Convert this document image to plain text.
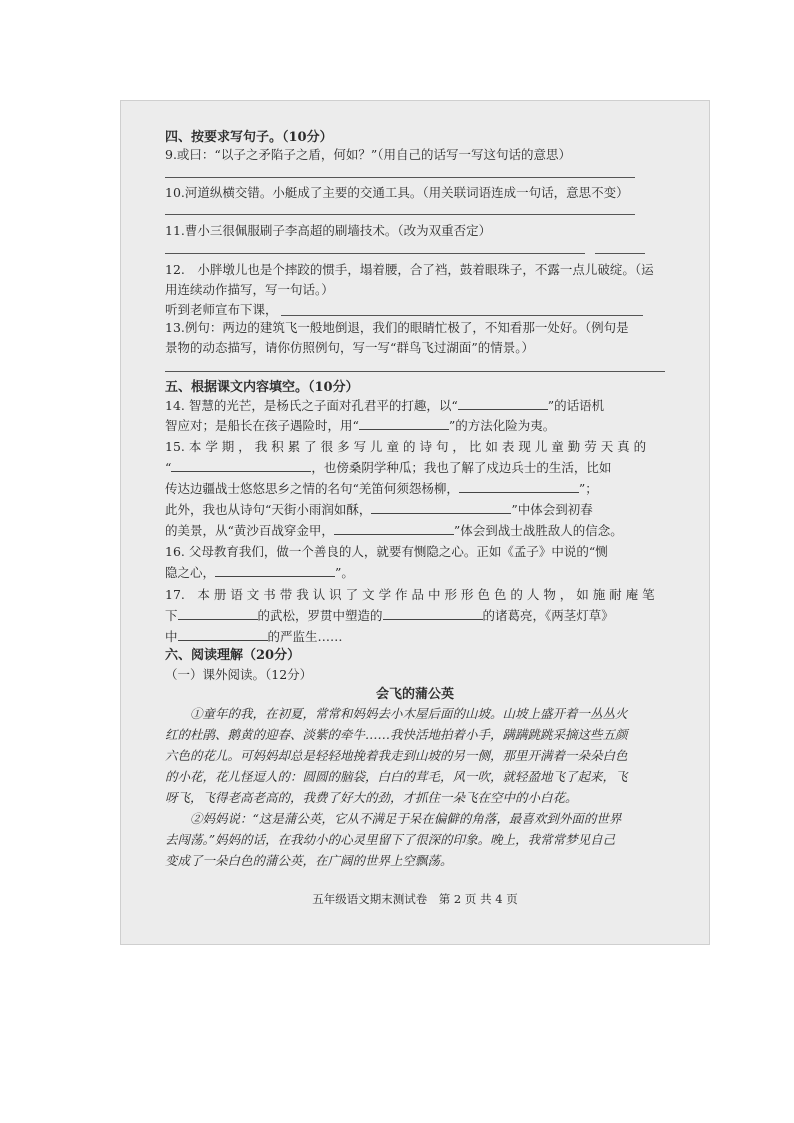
四、按要求写句子。（10分）
9.或曰：“以子之矛陷子之盾，何如？”（用自己的话写一写这句话的意思）
10.河道纵横交错。小艇成了主要的交通工具。（用关联词语连成一句话，意思不变）
11.曹小三很佩服刷子李高超的刷墙技术。（改为双重否定）
12.　小胖墩儿也是个摔跤的惯手，塌着腰，合了裆，鼓着眼珠子，不露一点儿破绽。（运
用连续动作描写，写一句话。）
听到老师宣布下课，
13.例句：两边的建筑飞一般地倒退，我们的眼睛忙极了，不知看那一处好。（例句是
景物的动态描写，请你仿照例句，写一写“群鸟飞过湖面”的情景。）
五、根据课文内容填空。（10分）
14. 智慧的光芒，是杨氏之子面对孔君平的打趣，以“	”的话语机
智应对；是船长在孩子遇险时，用“	”的方法化险为夷。
15. 本 学 期 ， 我 积 累 了 很 多 写 儿 童 的 诗 句 ， 比 如 表 现 儿 童 勤 劳 天 真 的
“	，也傍桑阴学种瓜；我也了解了戍边兵士的生活，比如
传达边疆战士悠悠思乡之情的名句“羌笛何须怨杨柳，	”；
此外，我也从诗句“天街小雨润如酥，	”中体会到初春
的美景，从“黄沙百战穿金甲，	”体会到战士战胜敌人的信念。
16. 父母教育我们，做一个善良的人，就要有恻隐之心。正如《孟子》中说的“恻
隐之心，	”。
17.　本 册 语 文 书 带 我 认 识 了 文 学 作 品 中 形 形 色 色 的 人 物 ， 如 施 耐 庵 笔
下	的武松，罗贯中塑造的	的诸葛亮，《两茎灯草》
中	的严监生……
六、阅读理解（20分）
（一）课外阅读。（12分）
会飞的蒲公英
　　①童年的我，在初夏，常常和妈妈去小木屋后面的山坡。山坡上盛开着一丛丛火
红的杜鹃、鹅黄的迎春、淡紫的牵牛……我快活地拍着小手，蹒蹒跳跳采摘这些五颜
六色的花儿。可妈妈却总是轻轻地挽着我走到山坡的另一侧，那里开满着一朵朵白色
的小花，花儿怪逗人的：圆圆的脑袋，白白的茸毛，风一吹，就轻盈地飞了起来，飞
呀飞，飞得老高老高的，我费了好大的劲，才抓住一朵飞在空中的小白花。
　　②妈妈说：“这是蒲公英，它从不满足于呆在偏僻的角落，最喜欢到外面的世界
去闯荡。”妈妈的话，在我幼小的心灵里留下了很深的印象。晚上，我常常梦见自己
变成了一朵白色的蒲公英，在广阔的世界上空飘荡。
五年级语文期末测试卷　第 2 页 共 4 页
